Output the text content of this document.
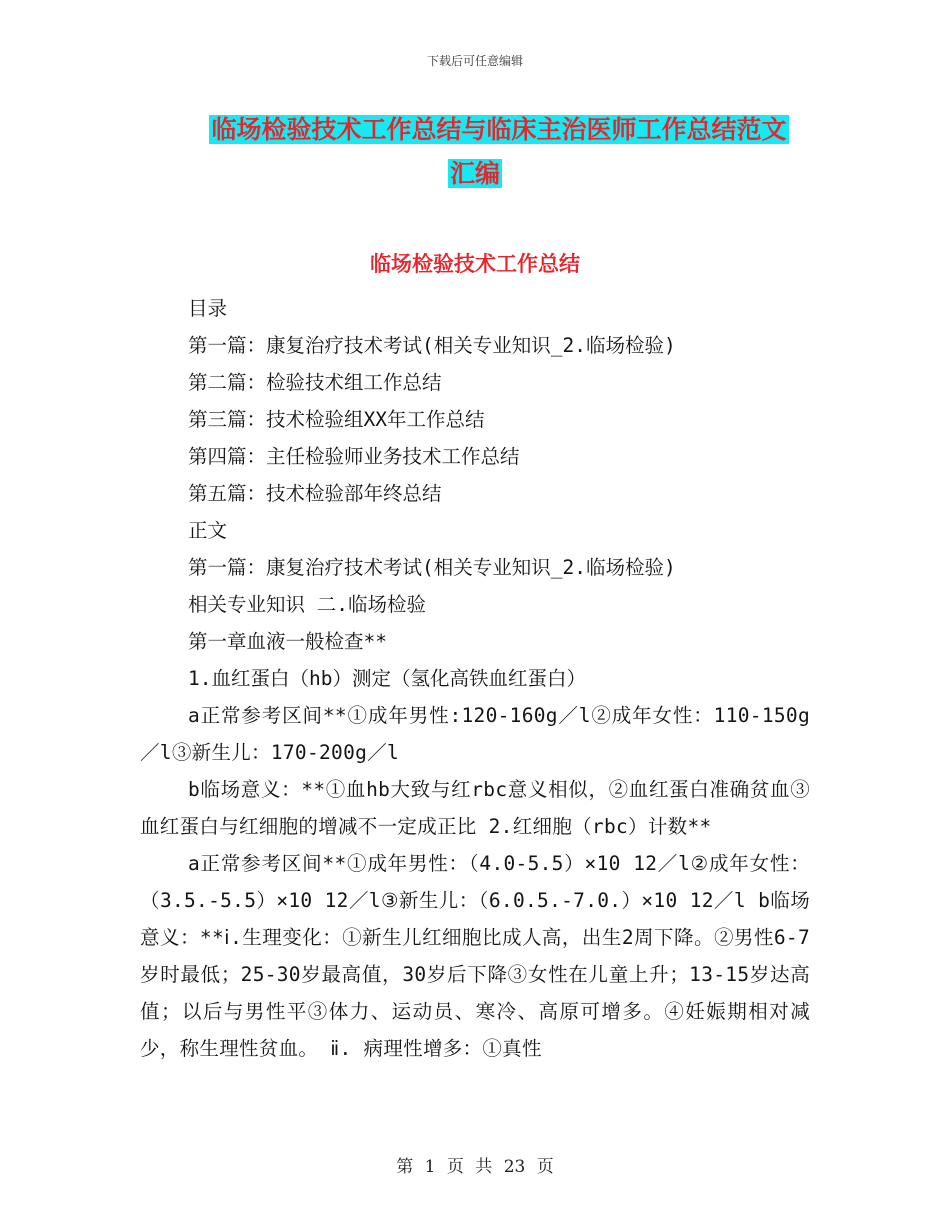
下载后可任意编辑
临场检验技术工作总结与临床主治医师工作总结范文
汇编
临场检验技术工作总结
目录
第一篇：康复治疗技术考试(相关专业知识_2.临场检验)
第二篇：检验技术组工作总结
第三篇：技术检验组XX年工作总结
第四篇：主任检验师业务技术工作总结
第五篇：技术检验部年终总结
正文
第一篇：康复治疗技术考试(相关专业知识_2.临场检验)
相关专业知识 二.临场检验
第一章血液一般检查**
1.血红蛋白（hb）测定（氢化高铁血红蛋白）
a正常参考区间**①成年男性:120-160g／l②成年女性：110-150g／l③新生儿：170-200g／l
b临场意义：**①血hb大致与红rbc意义相似，②血红蛋白准确贫血③血红蛋白与红细胞的增减不一定成正比 2.红细胞（rbc）计数**
a正常参考区间**①成年男性：（4.0-5.5）×10 12／l②成年女性：（3.5.-5.5）×10 12／l③新生儿：（6.0.5.-7.0.）×10 12／l b临场意义：**ⅰ.生理变化：①新生儿红细胞比成人高，出生2周下降。②男性6-7岁时最低；25-30岁最高值，30岁后下降③女性在儿童上升；13-15岁达高值；以后与男性平③体力、运动员、寒冷、高原可增多。④妊娠期相对减少，称生理性贫血。 ⅱ. 病理性增多：①真性
第 1 页 共 23 页
